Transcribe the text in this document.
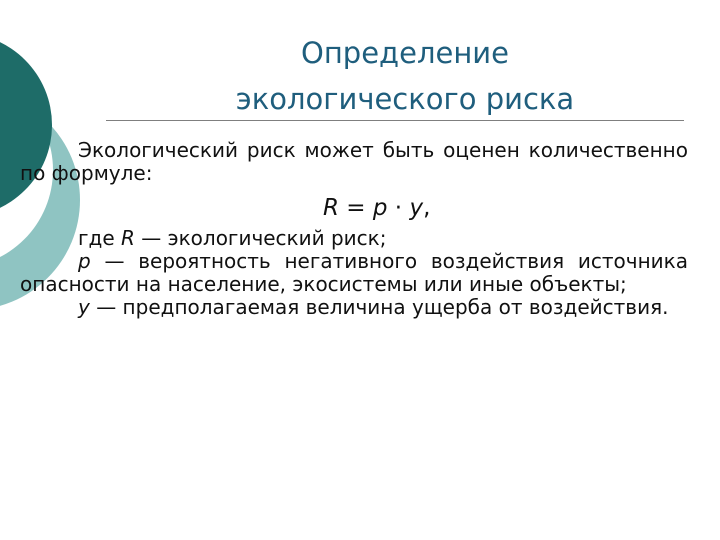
Определение
экологического риска

Экологический риск может быть оценен количественно по формуле:

R = p · y,

где R — экологический риск;

p — вероятность негативного воздействия источника опасности на население, экосистемы или иные объекты;

y — предполагаемая величина ущерба от воздействия.
